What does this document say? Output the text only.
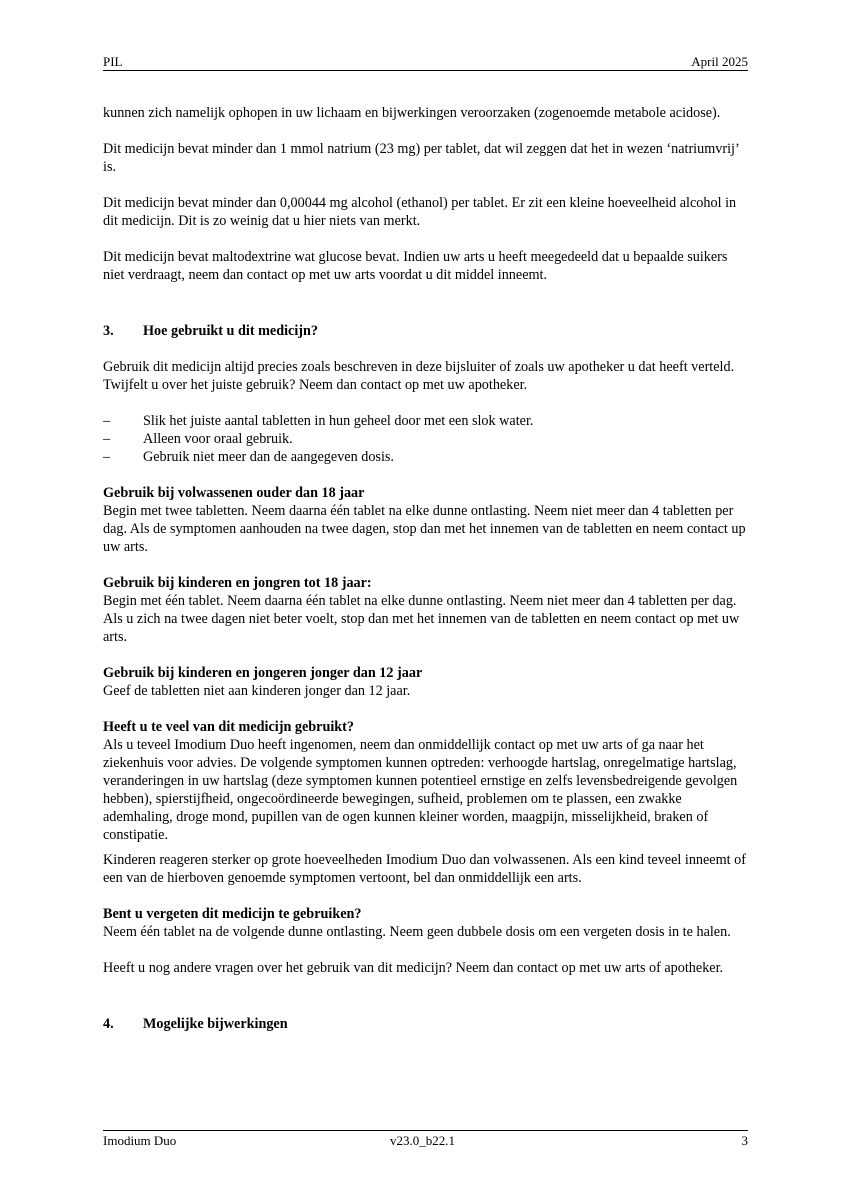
PIL	April 2025

kunnen zich namelijk ophopen in uw lichaam en bijwerkingen veroorzaken (zogenoemde metabole acidose).

Dit medicijn bevat minder dan 1 mmol natrium (23 mg) per tablet, dat wil zeggen dat het in wezen ‘natriumvrij’ is.

Dit medicijn bevat minder dan 0,00044 mg alcohol (ethanol) per tablet. Er zit een kleine hoeveelheid alcohol in dit medicijn. Dit is zo weinig dat u hier niets van merkt.

Dit medicijn bevat maltodextrine wat glucose bevat. Indien uw arts u heeft meegedeeld dat u bepaalde suikers niet verdraagt, neem dan contact op met uw arts voordat u dit middel inneemt.

3.	Hoe gebruikt u dit medicijn?

Gebruik dit medicijn altijd precies zoals beschreven in deze bijsluiter of zoals uw apotheker u dat heeft verteld. Twijfelt u over het juiste gebruik? Neem dan contact op met uw apotheker.

–	Slik het juiste aantal tabletten in hun geheel door met een slok water.
–	Alleen voor oraal gebruik.
–	Gebruik niet meer dan de aangegeven dosis.

Gebruik bij volwassenen ouder dan 18 jaar

Begin met twee tabletten. Neem daarna één tablet na elke dunne ontlasting. Neem niet meer dan 4 tabletten per dag. Als de symptomen aanhouden na twee dagen, stop dan met het innemen van de tabletten en neem contact up uw arts.

Gebruik bij kinderen en jongren tot 18 jaar:

Begin met één tablet. Neem daarna één tablet na elke dunne ontlasting. Neem niet meer dan 4 tabletten per dag. Als u zich na twee dagen niet beter voelt, stop dan met het innemen van de tabletten en neem contact op met uw arts.

Gebruik bij kinderen en jongeren jonger dan 12 jaar

Geef de tabletten niet aan kinderen jonger dan 12 jaar.

Heeft u te veel van dit medicijn gebruikt?

Als u teveel Imodium Duo heeft ingenomen, neem dan onmiddellijk contact op met uw arts of ga naar het ziekenhuis voor advies. De volgende symptomen kunnen optreden: verhoogde hartslag, onregelmatige hartslag, veranderingen in uw hartslag (deze symptomen kunnen potentieel ernstige en zelfs levensbedreigende gevolgen hebben), spierstijfheid, ongecoördineerde bewegingen, sufheid, problemen om te plassen, een zwakke ademhaling, droge mond, pupillen van de ogen kunnen kleiner worden, maagpijn, misselijkheid, braken of constipatie.

Kinderen reageren sterker op grote hoeveelheden Imodium Duo dan volwassenen. Als een kind teveel inneemt of een van de hierboven genoemde symptomen vertoont, bel dan onmiddellijk een arts.

Bent u vergeten dit medicijn te gebruiken?

Neem één tablet na de volgende dunne ontlasting. Neem geen dubbele dosis om een vergeten dosis in te halen.

Heeft u nog andere vragen over het gebruik van dit medicijn? Neem dan contact op met uw arts of apotheker.

4.	Mogelijke bijwerkingen
Imodium Duo	v23.0_b22.1	3
